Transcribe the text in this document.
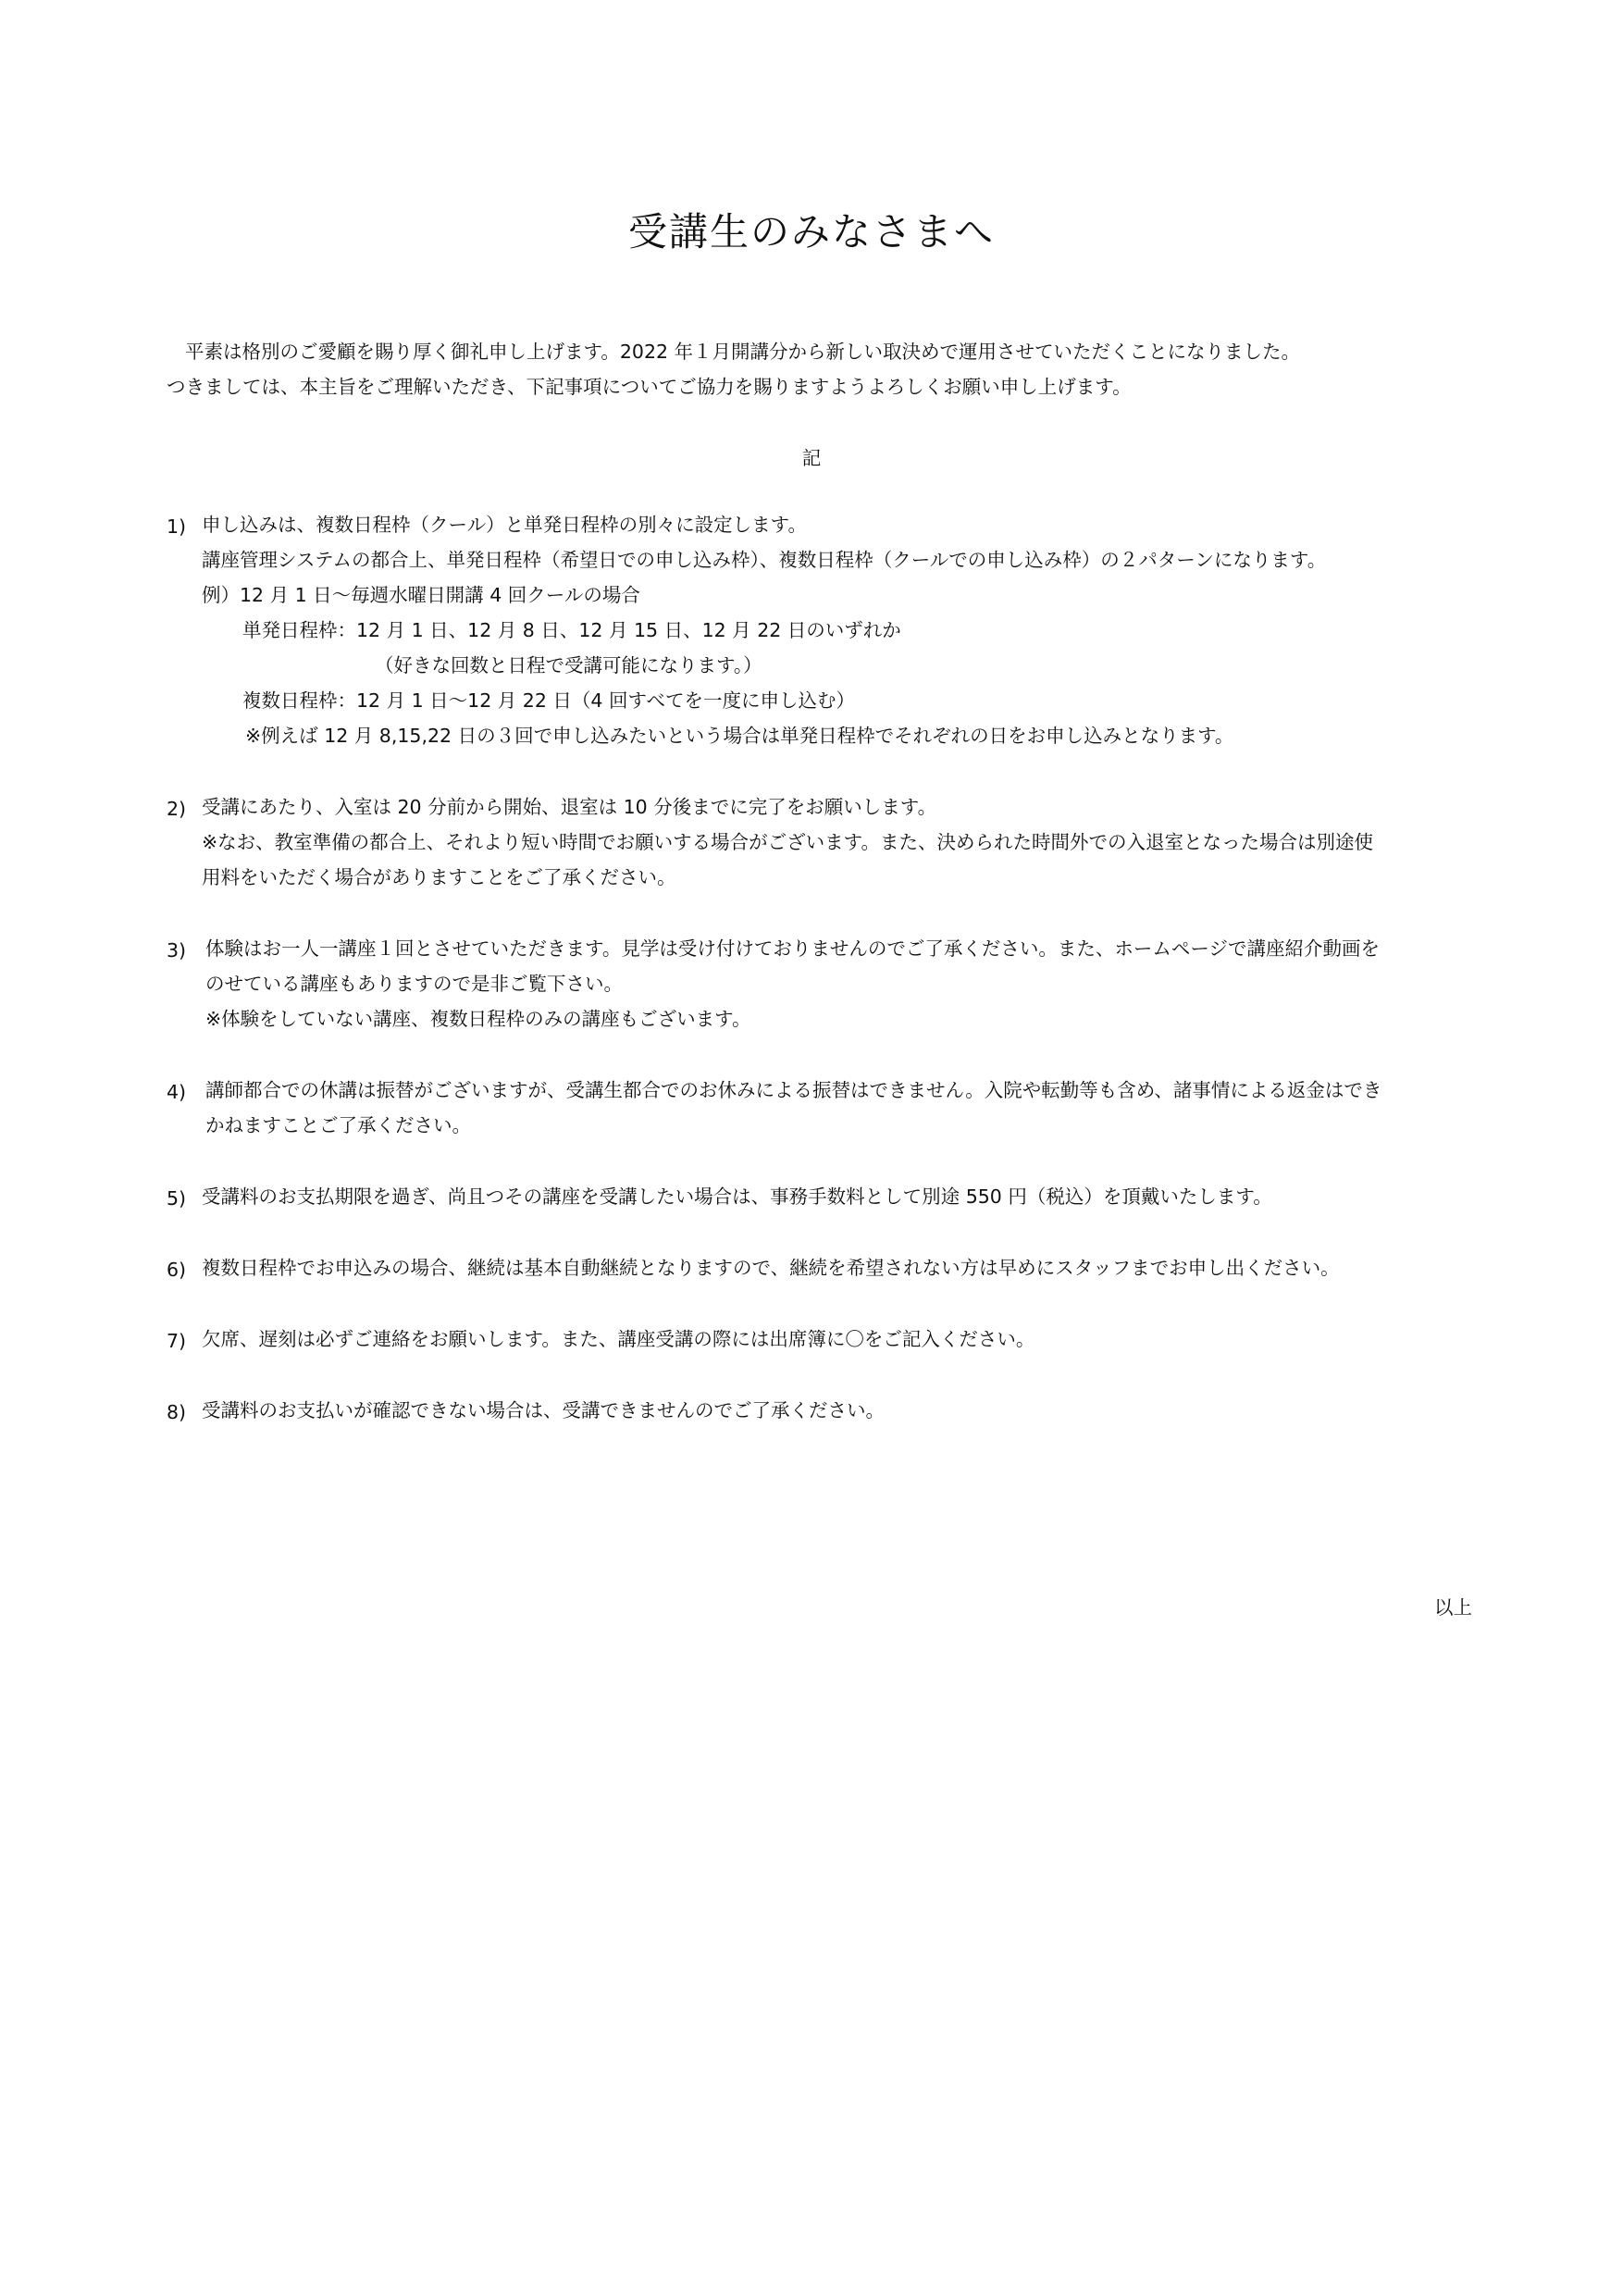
受講生のみなさまへ
平素は格別のご愛顧を賜り厚く御礼申し上げます。2022 年１月開講分から新しい取決めで運用させていただくことになりました。
つきましては、本主旨をご理解いただき、下記事項についてご協力を賜りますようよろしくお願い申し上げます。
記
1) 申し込みは、複数日程枠（クール）と単発日程枠の別々に設定します。
講座管理システムの都合上、単発日程枠（希望日での申し込み枠）、複数日程枠（クールでの申し込み枠）の２パターンになります。
例）12 月 1 日〜毎週水曜日開講 4 回クールの場合
単発日程枠：12 月 1 日、12 月 8 日、12 月 15 日、12 月 22 日のいずれか
（好きな回数と日程で受講可能になります。）
複数日程枠：12 月 1 日〜12 月 22 日（4 回すべてを一度に申し込む）
※例えば 12 月 8,15,22 日の３回で申し込みたいという場合は単発日程枠でそれぞれの日をお申し込みとなります。
2) 受講にあたり、入室は 20 分前から開始、退室は 10 分後までに完了をお願いします。
※なお、教室準備の都合上、それより短い時間でお願いする場合がございます。また、決められた時間外での入退室となった場合は別途使
用料をいただく場合がありますことをご了承ください。
3) 体験はお一人一講座１回とさせていただきます。見学は受け付けておりませんのでご了承ください。また、ホームページで講座紹介動画を
のせている講座もありますので是非ご覧下さい。
※体験をしていない講座、複数日程枠のみの講座もございます。
4) 講師都合での休講は振替がございますが、受講生都合でのお休みによる振替はできません。入院や転勤等も含め、諸事情による返金はでき
かねますことご了承ください。
5) 受講料のお支払期限を過ぎ、尚且つその講座を受講したい場合は、事務手数料として別途 550 円（税込）を頂戴いたします。
6) 複数日程枠でお申込みの場合、継続は基本自動継続となりますので、継続を希望されない方は早めにスタッフまでお申し出ください。
7) 欠席、遅刻は必ずご連絡をお願いします。また、講座受講の際には出席簿に〇をご記入ください。
8) 受講料のお支払いが確認できない場合は、受講できませんのでご了承ください。
以上
